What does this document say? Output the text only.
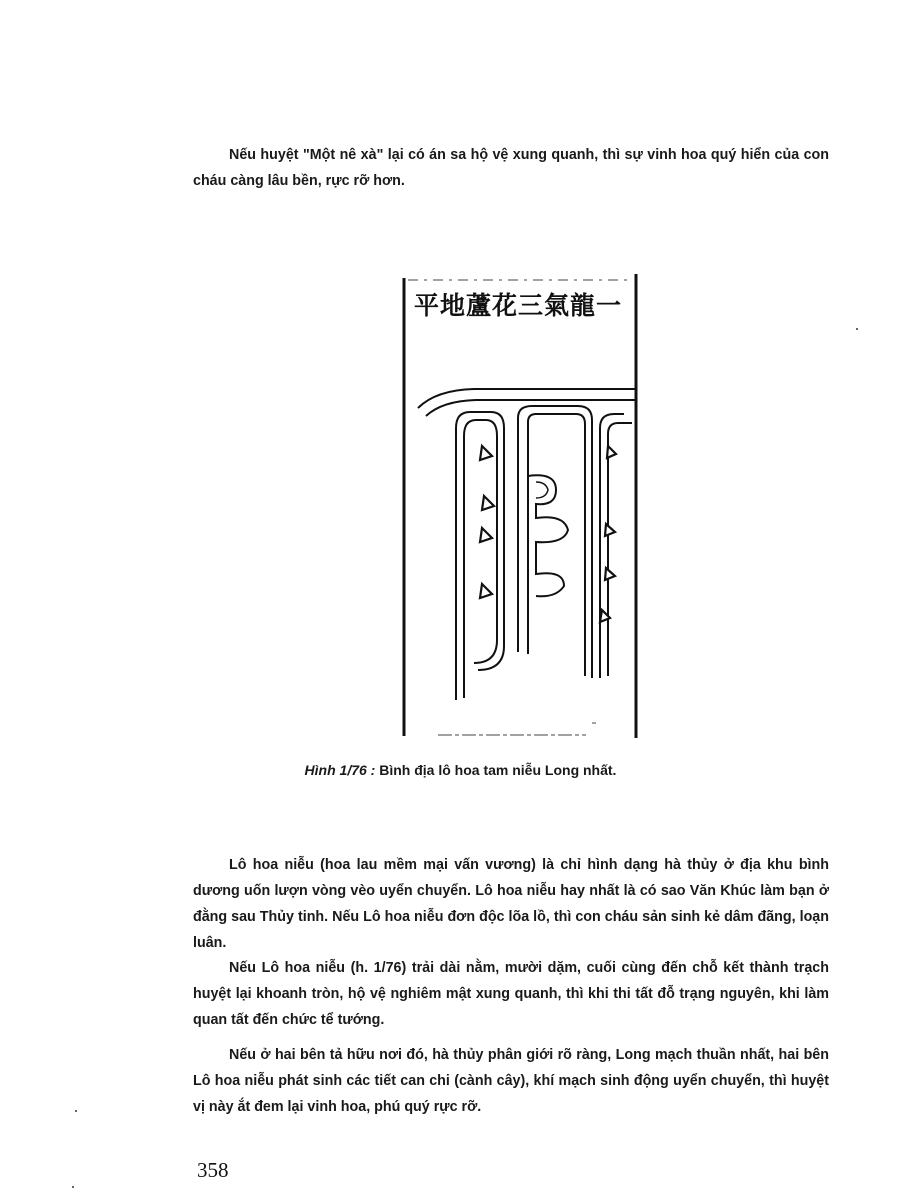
Nếu huyệt "Một nê xà" lại có án sa hộ vệ xung quanh, thì sự vinh hoa quý hiển của con cháu càng lâu bền, rực rỡ hơn.

平地蘆花三氣龍一
Hình 1/76 : Bình địa lô hoa tam niễu Long nhất.

Lô hoa niễu (hoa lau mềm mại vấn vương) là chỉ hình dạng hà thủy ở địa khu bình dương uốn lượn vòng vèo uyển chuyển. Lô hoa niễu hay nhất là có sao Văn Khúc làm bạn ở đằng sau Thủy tinh. Nếu Lô hoa niễu đơn độc lõa lồ, thì con cháu sản sinh kẻ dâm đãng, loạn luân.

Nếu Lô hoa niễu (h. 1/76) trải dài nằm, mười dặm, cuối cùng đến chỗ kết thành trạch huyệt lại khoanh tròn, hộ vệ nghiêm mật xung quanh, thì khi thi tất đỗ trạng nguyên, khi làm quan tất đến chức tể tướng.

Nếu ở hai bên tả hữu nơi đó, hà thủy phân giới rõ ràng, Long mạch thuần nhất, hai bên Lô hoa niễu phát sinh các tiết can chi (cành cây), khí mạch sinh động uyển chuyển, thì huyệt vị này ắt đem lại vinh hoa, phú quý rực rỡ.

358
